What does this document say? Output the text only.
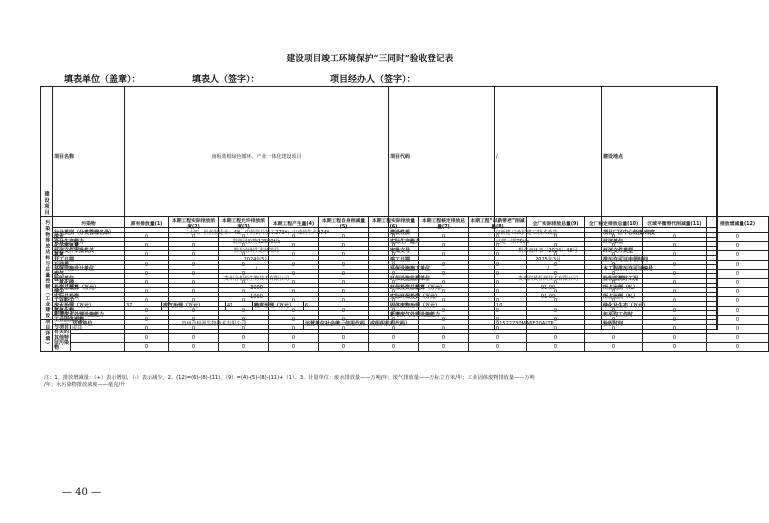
建设项目竣工环境保护“三同时”验收登记表
填表单位（盖章）：	填表人（签字）：	项目经办人（签字）：
建设项目	项目名称	南板蓝根绿色循环、产业一体化建设项目					项目代码	/	建设地点	
	行业类别（分类管理名录）	二十四、医药制造业：48，中药饮片加工273*；中成药生产274*					建设性质	☑新建 ☐改扩建 ☐技术改造	项目厂区中心经度/纬度	
	设计生产能力	靛蓝浸取物12500t/a					实际生产能力	已建一期75t/a	环评单位	
	环评文件审批机关	黔东南州生态环境局					审批文号	黔东南环表〔2024〕48号	环评文件类型	
	开工日期	2024年5月					竣工日期	2025年3月	排污许可证申领时间	
	环保设施设计单位	/					环保设施施工单位	/	本工程排污许可证编号	
	验收单位	贵州合相源生物技术有限公司					环保设施监测单位	贵州润黄检测技术有限公司	验收监测时工况	
	投资总概算（万元）	3000					环保投资总概算（万元）	91.00	所占比例（%）	
	实际总投资	1000					实际环保投资（万元）	91.00	所占比例（%）	
	废水治理（万元）	37	废气治理（万元）	41	噪声治理（万元）	6	固体废物治理（万元）	10	绿化及生态（万元）	
	新增废水处理设施能力						新增废气处理设施能力		年平均工作时	
运营单位		贵州合相源生物技术有限公司				运营单位社会统一信用代码（或组织机构代码）		91522730MA6E20ALTP	验收时间	
污染物排放达标与总量控制（工业建设项目详填）	污染物		原有排放量(1)	本期工程实际排放浓度(2)	本期工程允许排放浓度(3)	本期工程产生量(4)	本期工程自身削减量(5)	本期工程实际排放量(6)	本期工程核定排放总量(7)	本期工程“以新带老”削减量(8)	全厂实际排放总量(9)	全厂核定排放总量(10)	区域平衡替代削减量(11)	排放增减量(12)
	废水		0	0	0	0	0	0	0	0	0	0	0	0
	化学需氧量		0	0	0	0	0	0	0	0	0	0	0	0
	氨氮		0	0	0	0	0	0	0	0	0	0	0	0
	石油类		0	0	0	0	0	0	0	0	0	0	0	0
	废气		0	0	0	0	0	0	0	0	0	0	0	0
	二氧化硫		0	0	0	0	0	0	0	0	0	0	0	0
	烟尘		0	0	0	0	0	0	0	0	0	0	0	0
	工业粉尘		0	0	0	0	0	0	0	0	0	0	0	0
	氮氧化物		0	0	0	0	0	0	0	0	0	0	0	0
	工业固体废物		0	0	0	0	0	0	0	0	0	0	0	0
	与项目有关的其他特征污染物	废油	0	0	0	0	0	0	0	0	0	0	0	0
			0	0	0	0	0	0	0	0	0	0	0	0
			0	0	0	0	0	0	0	0	0	0	0	0
注：1、排放增减量：（+）表示增加，（-）表示减少。2、(12)=(6)-(8)-(11)，（9）=(4)-(5)-(8)-(11)+（1）。3、计量单位：废水排放量——万吨/年；废气排放量——万标立方米/年；工业固体废物排放量——万吨
/年；水污染物排放浓度——毫克/升
— 40 —
